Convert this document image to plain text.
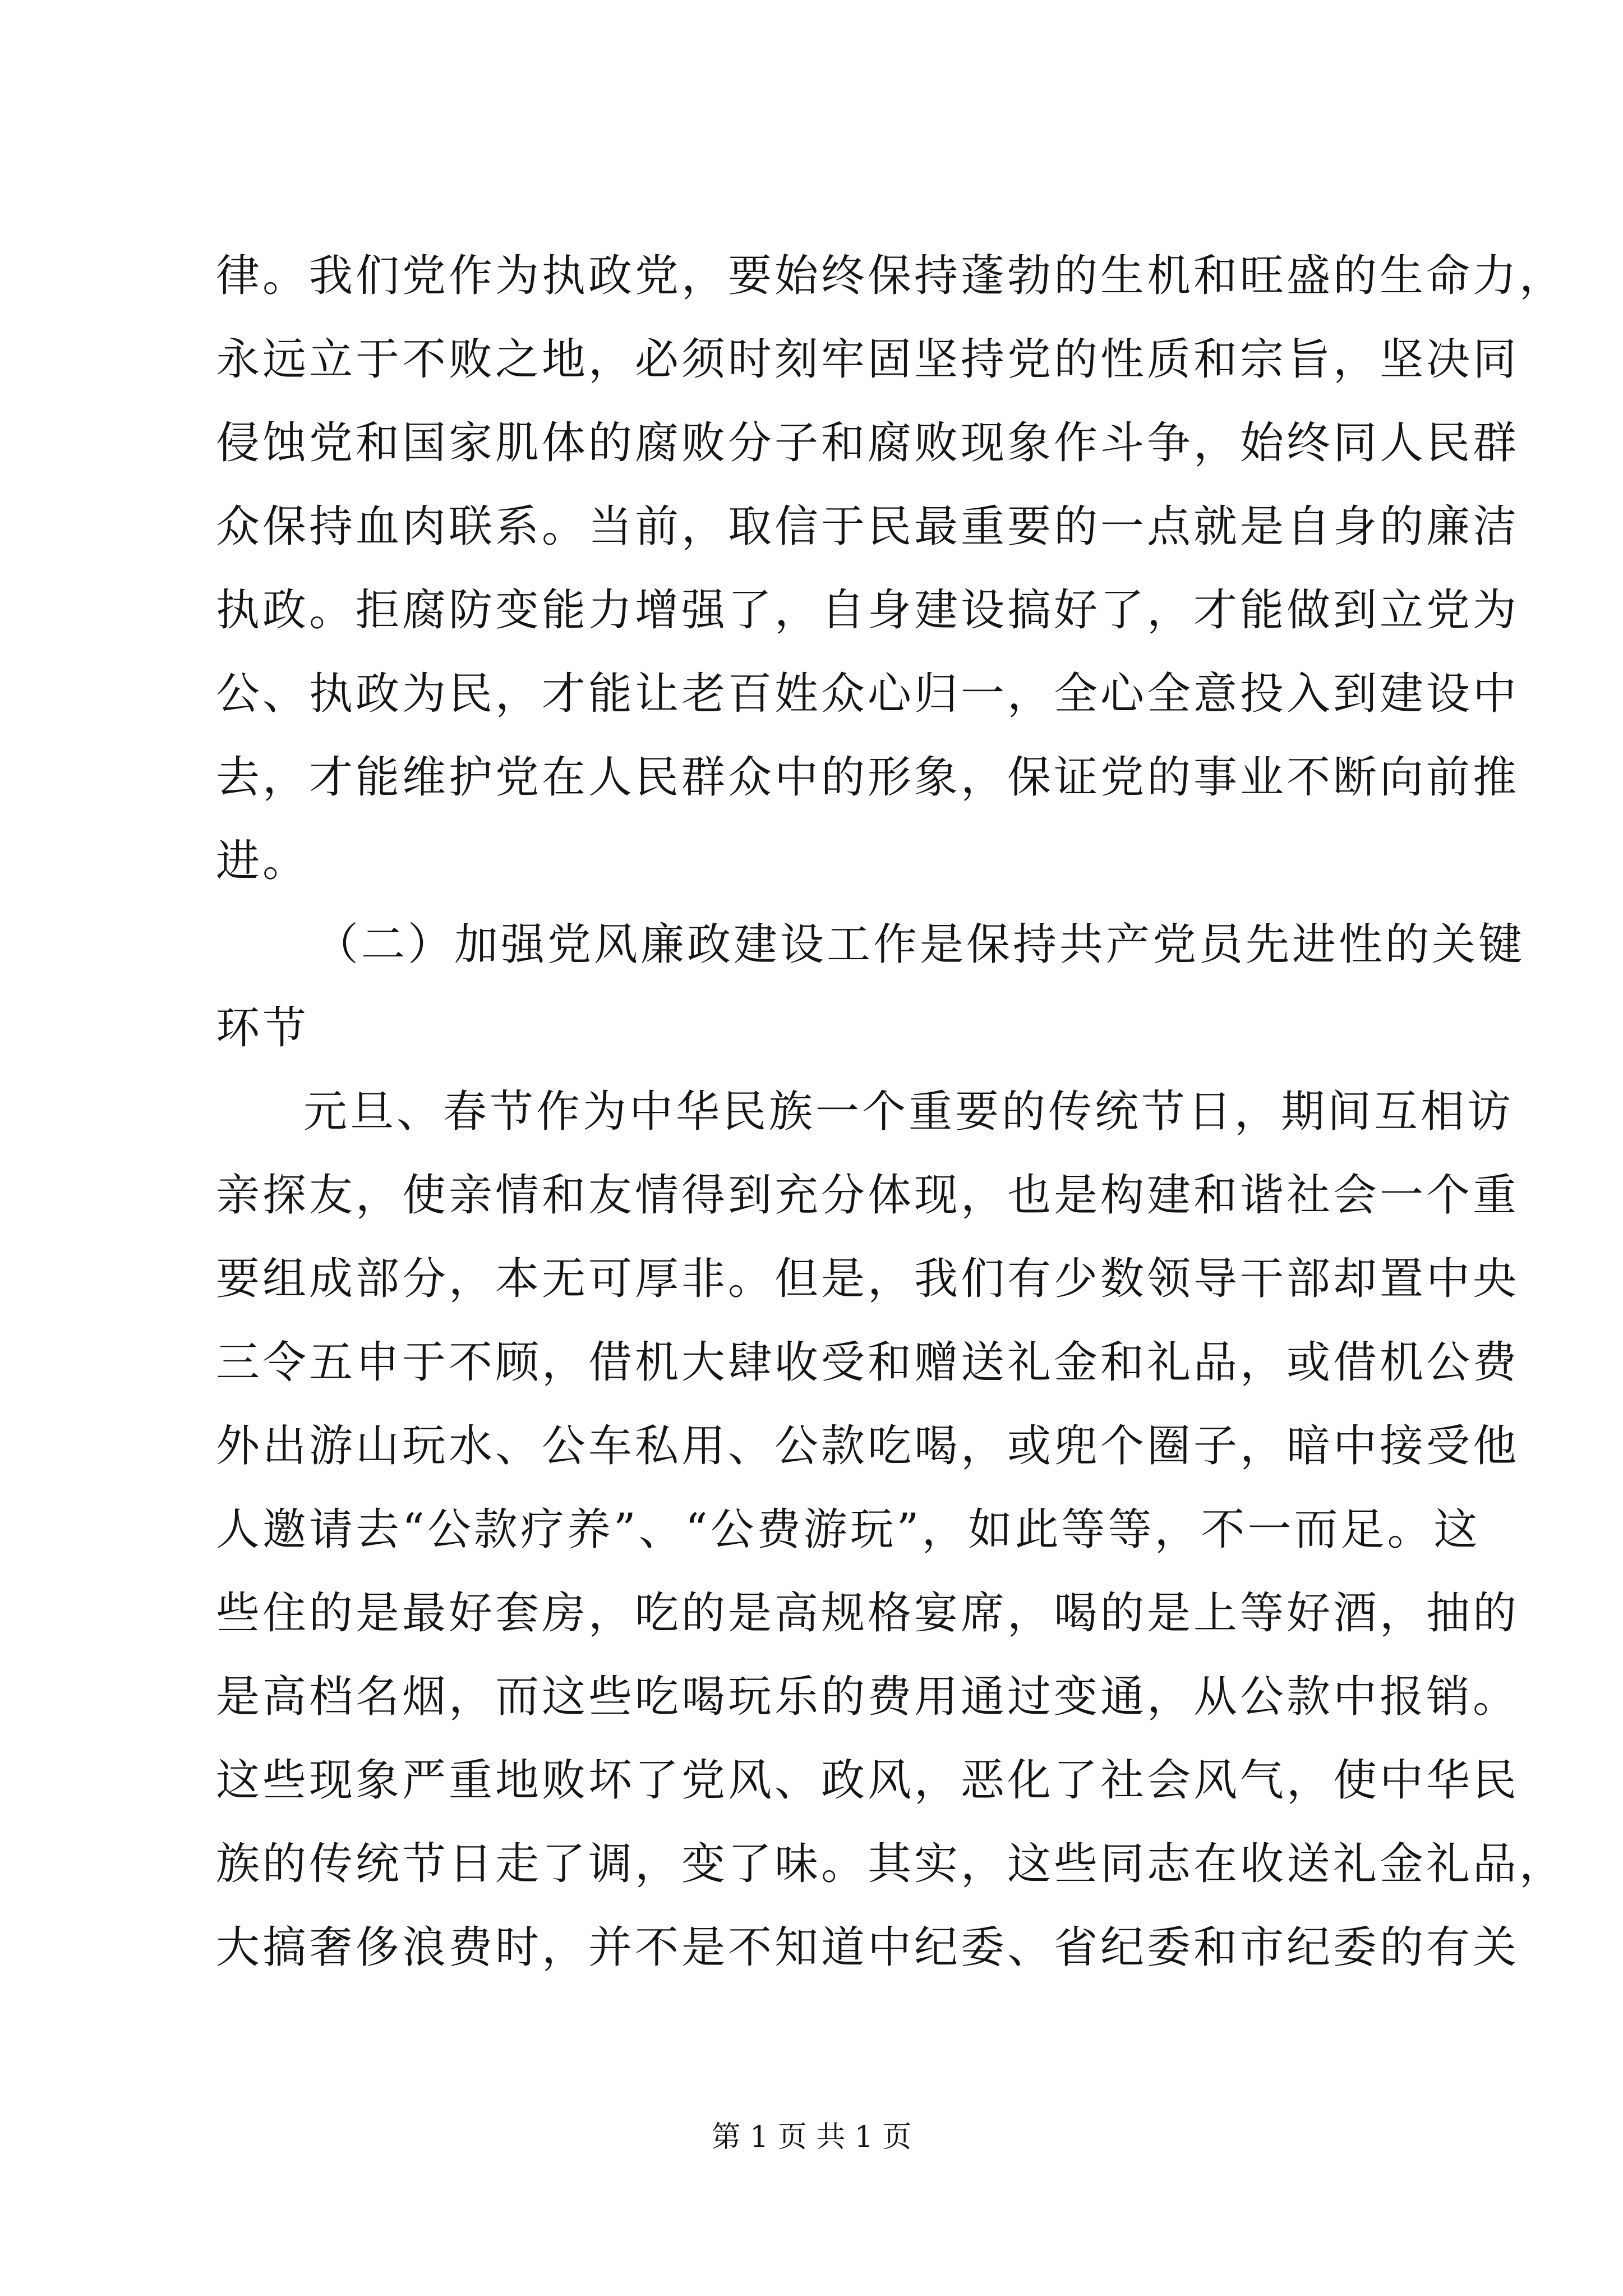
律。我们党作为执政党，要始终保持蓬勃的生机和旺盛的生命力，
永远立于不败之地，必须时刻牢固坚持党的性质和宗旨，坚决同
侵蚀党和国家肌体的腐败分子和腐败现象作斗争，始终同人民群
众保持血肉联系。当前，取信于民最重要的一点就是自身的廉洁
执政。拒腐防变能力增强了，自身建设搞好了，才能做到立党为
公、执政为民，才能让老百姓众心归一，全心全意投入到建设中
去，才能维护党在人民群众中的形象，保证党的事业不断向前推
进。
（二）加强党风廉政建设工作是保持共产党员先进性的关键
环节
元旦、春节作为中华民族一个重要的传统节日，期间互相访
亲探友，使亲情和友情得到充分体现，也是构建和谐社会一个重
要组成部分，本无可厚非。但是，我们有少数领导干部却置中央
三令五申于不顾，借机大肆收受和赠送礼金和礼品，或借机公费
外出游山玩水、公车私用、公款吃喝，或兜个圈子，暗中接受他
人邀请去“公款疗养”、“公费游玩”，如此等等，不一而足。这
些住的是最好套房，吃的是高规格宴席，喝的是上等好酒，抽的
是高档名烟，而这些吃喝玩乐的费用通过变通，从公款中报销。
这些现象严重地败坏了党风、政风，恶化了社会风气，使中华民
族的传统节日走了调，变了味。其实，这些同志在收送礼金礼品，
大搞奢侈浪费时，并不是不知道中纪委、省纪委和市纪委的有关
第 1 页 共 1 页
